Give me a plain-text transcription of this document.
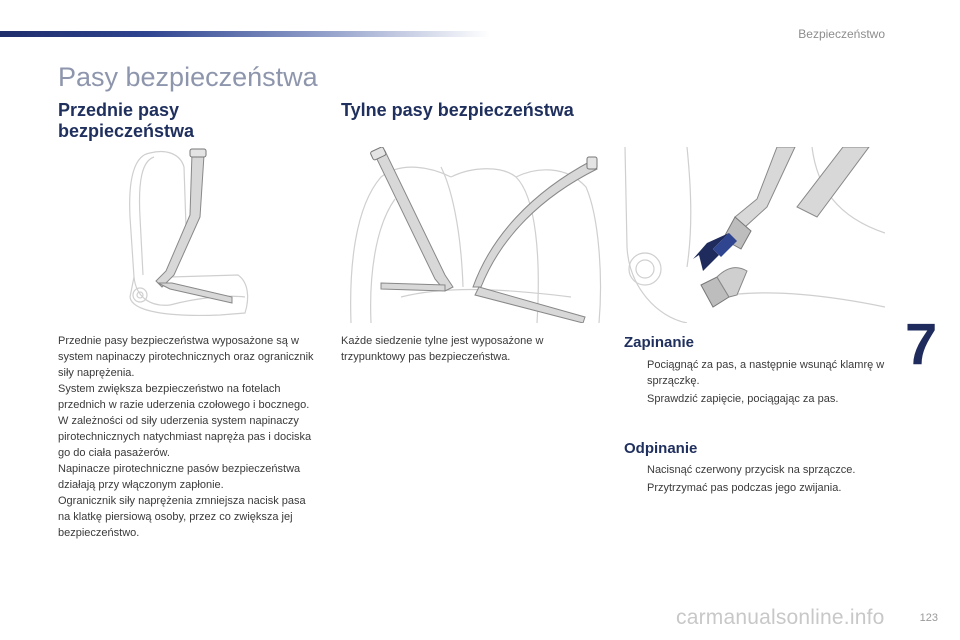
Bezpieczeństwo
Pasy bezpieczeństwa
Przednie pasy bezpieczeństwa
Tylne pasy bezpieczeństwa

Przednie pasy bezpieczeństwa wyposażone są w system napinaczy pirotechnicznych oraz ogranicznik siły naprężenia.

System zwiększa bezpieczeństwo na fotelach przednich w razie uderzenia czołowego i bocznego. W zależności od siły uderzenia system napinaczy pirotechnicznych natychmiast napręża pas i dociska go do ciała pasażerów.

Napinacze pirotechniczne pasów bezpieczeństwa działają przy włączonym zapłonie.

Ogranicznik siły naprężenia zmniejsza nacisk pasa na klatkę piersiową osoby, przez co zwiększa jej bezpieczeństwo.

Każde siedzenie tylne jest wyposażone w trzypunktowy pas bezpieczeństwa.
Zapinanie
Pociągnąć za pas, a następnie wsunąć klamrę w sprzączkę.
Sprawdzić zapięcie, pociągając za pas.
Odpinanie
Nacisnąć czerwony przycisk na sprzączce.
Przytrzymać pas podczas jego zwijania.
7
carmanualsonline.info	123
